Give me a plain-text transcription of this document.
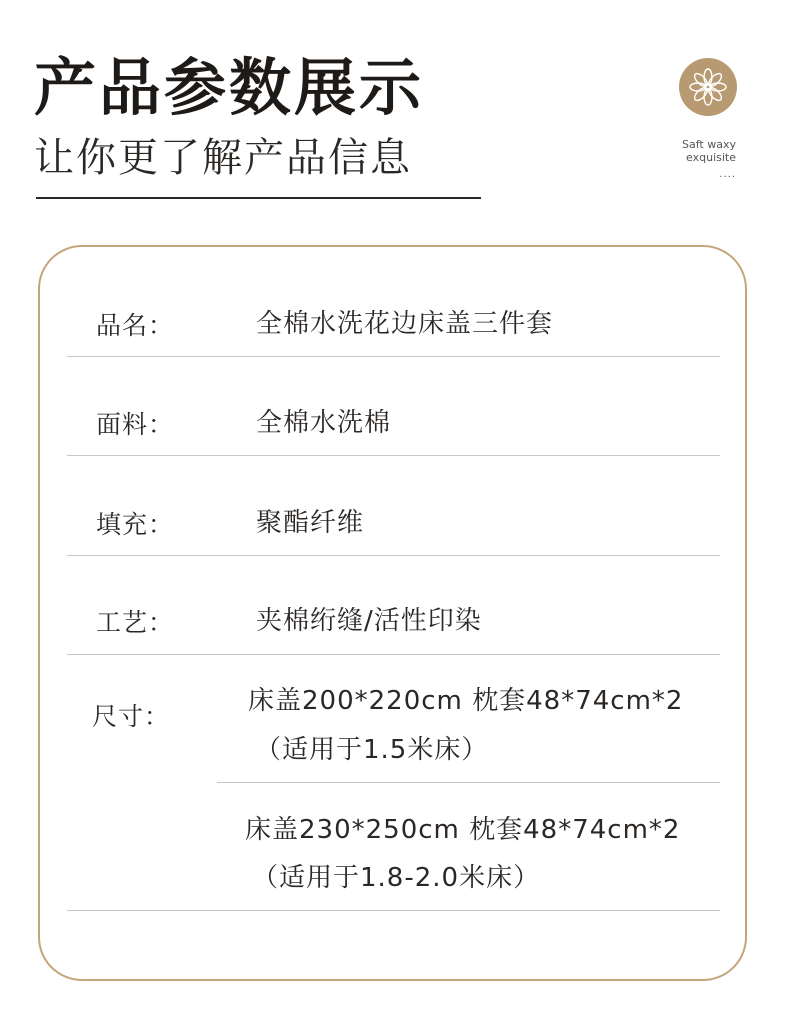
产品参数展示
让你更了解产品信息	Saft waxy
exquisite
....
品名：	全棉水洗花边床盖三件套
面料：	全棉水洗棉
填充：	聚酯纤维
工艺：	夹棉绗缝/活性印染
尺寸：
床盖200*220cm 枕套48*74cm*2
（适用于1.5米床）
床盖230*250cm 枕套48*74cm*2
（适用于1.8-2.0米床）
